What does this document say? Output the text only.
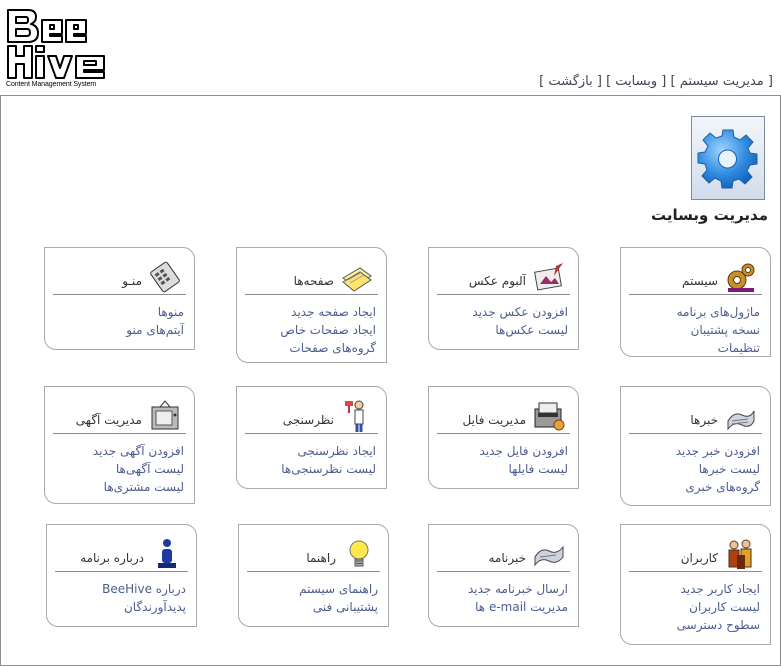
Content Management System	[ مدیریت سیستم ] [ وبسایت ] [ بازگشت ]
مدیریت وبسایت
سیستم
ماژول‌های برنامه
نسخه پشتیبان
تنظیمات
آلبوم عکس
افزودن عکس جدید
لیست عکس‌ها
صفحه‌ها
ایجاد صفحه جدید
ایجاد صفحات خاص
گروه‌های صفحات
منـو
منوها
آیتم‌های منو
خبرها
افزودن خبر جدید
لیست خبرها
گروه‌های خبری
مدیریت فایل
افرودن فایل جدید
لیست فایلها
نظرسنجی
ایجاد نظرسنجی
لیست نظرسنجی‌ها
مدیریت آگهی
افزودن آگهی جدید
لیست آگهی‌ها
لیست مشتری‌ها
کاربران
ایجاد کاربر جدید
لیست کاربران
سطوح دسترسی
خبرنامه
ارسال خبرنامه جدید
مدیریت e-mail ها
راهنما
راهنمای سیستم
پشتیبانی فنی
درباره برنامه
درباره BeeHive
پدیدآورندگان
